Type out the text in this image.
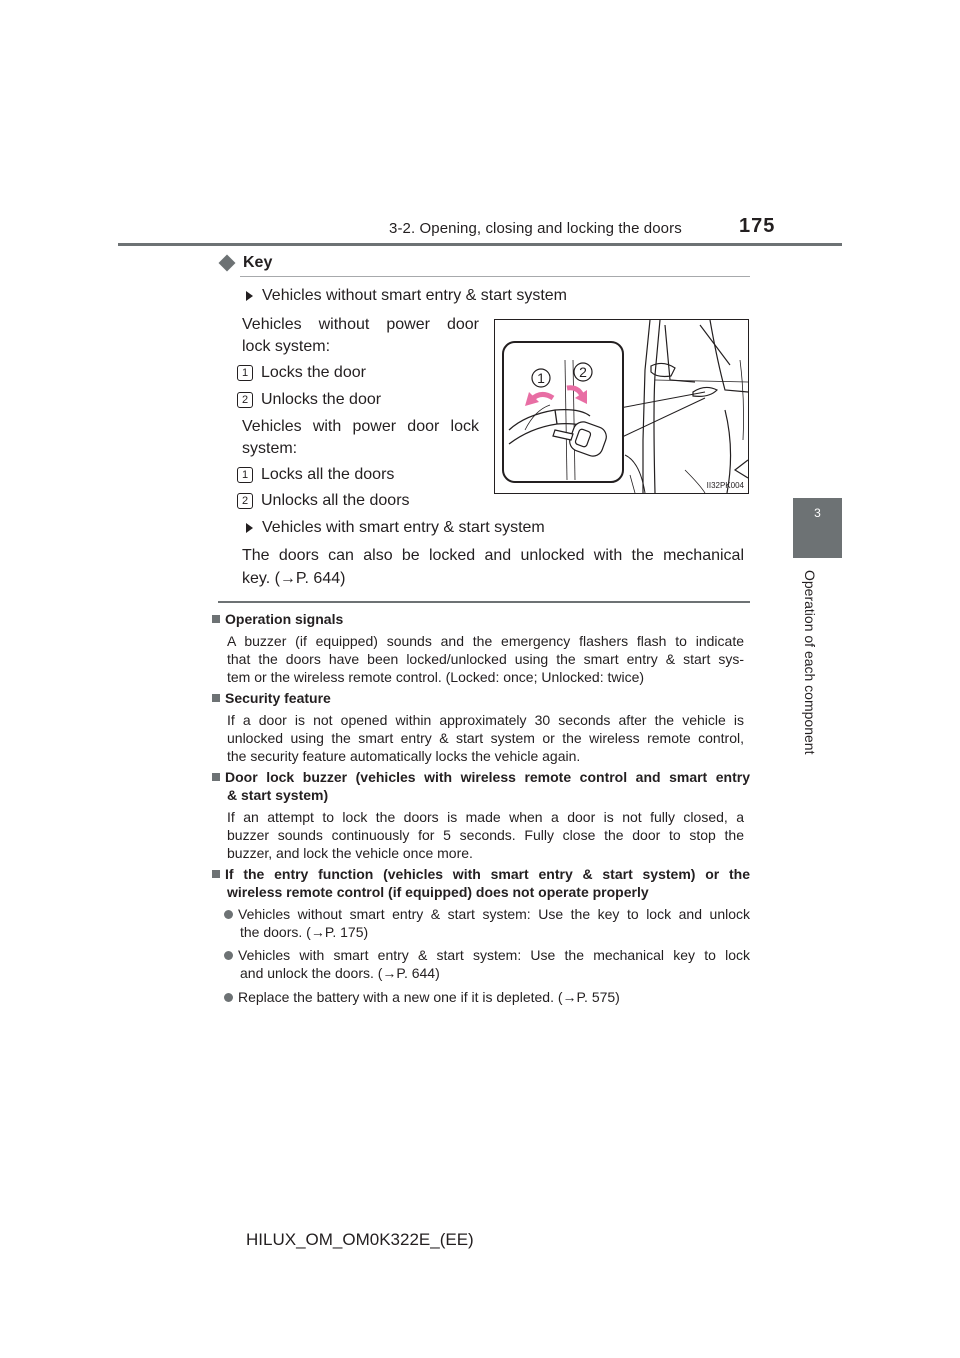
3-2. Opening, closing and locking the doors	175
3
Operation of each component
Key
Vehicles without smart entry & start system
Vehicles without power door
lock system:
1 Locks the door
2 Unlocks the door
Vehicles with power door lock
system:
1 Locks all the doors
2 Unlocks all the doors
Vehicles with smart entry & start system
The doors can also be locked and unlocked with the mechanical
key. (→P. 644)
1 2
II32PK004
Operation signals
A buzzer (if equipped) sounds and the emergency flashers flash to indicate
that the doors have been locked/unlocked using the smart entry & start sys-
tem or the wireless remote control. (Locked: once; Unlocked: twice)
Security feature
If a door is not opened within approximately 30 seconds after the vehicle is
unlocked using the smart entry & start system or the wireless remote control,
the security feature automatically locks the vehicle again.
Door lock buzzer (vehicles with wireless remote control and smart entry
& start system)
If an attempt to lock the doors is made when a door is not fully closed, a
buzzer sounds continuously for 5 seconds. Fully close the door to stop the
buzzer, and lock the vehicle once more.
If the entry function (vehicles with smart entry & start system) or the
wireless remote control (if equipped) does not operate properly
Vehicles without smart entry & start system: Use the key to lock and unlock
the doors. (→P. 175)
Vehicles with smart entry & start system: Use the mechanical key to lock
and unlock the doors. (→P. 644)
Replace the battery with a new one if it is depleted. (→P. 575)
HILUX_OM_OM0K322E_(EE)
